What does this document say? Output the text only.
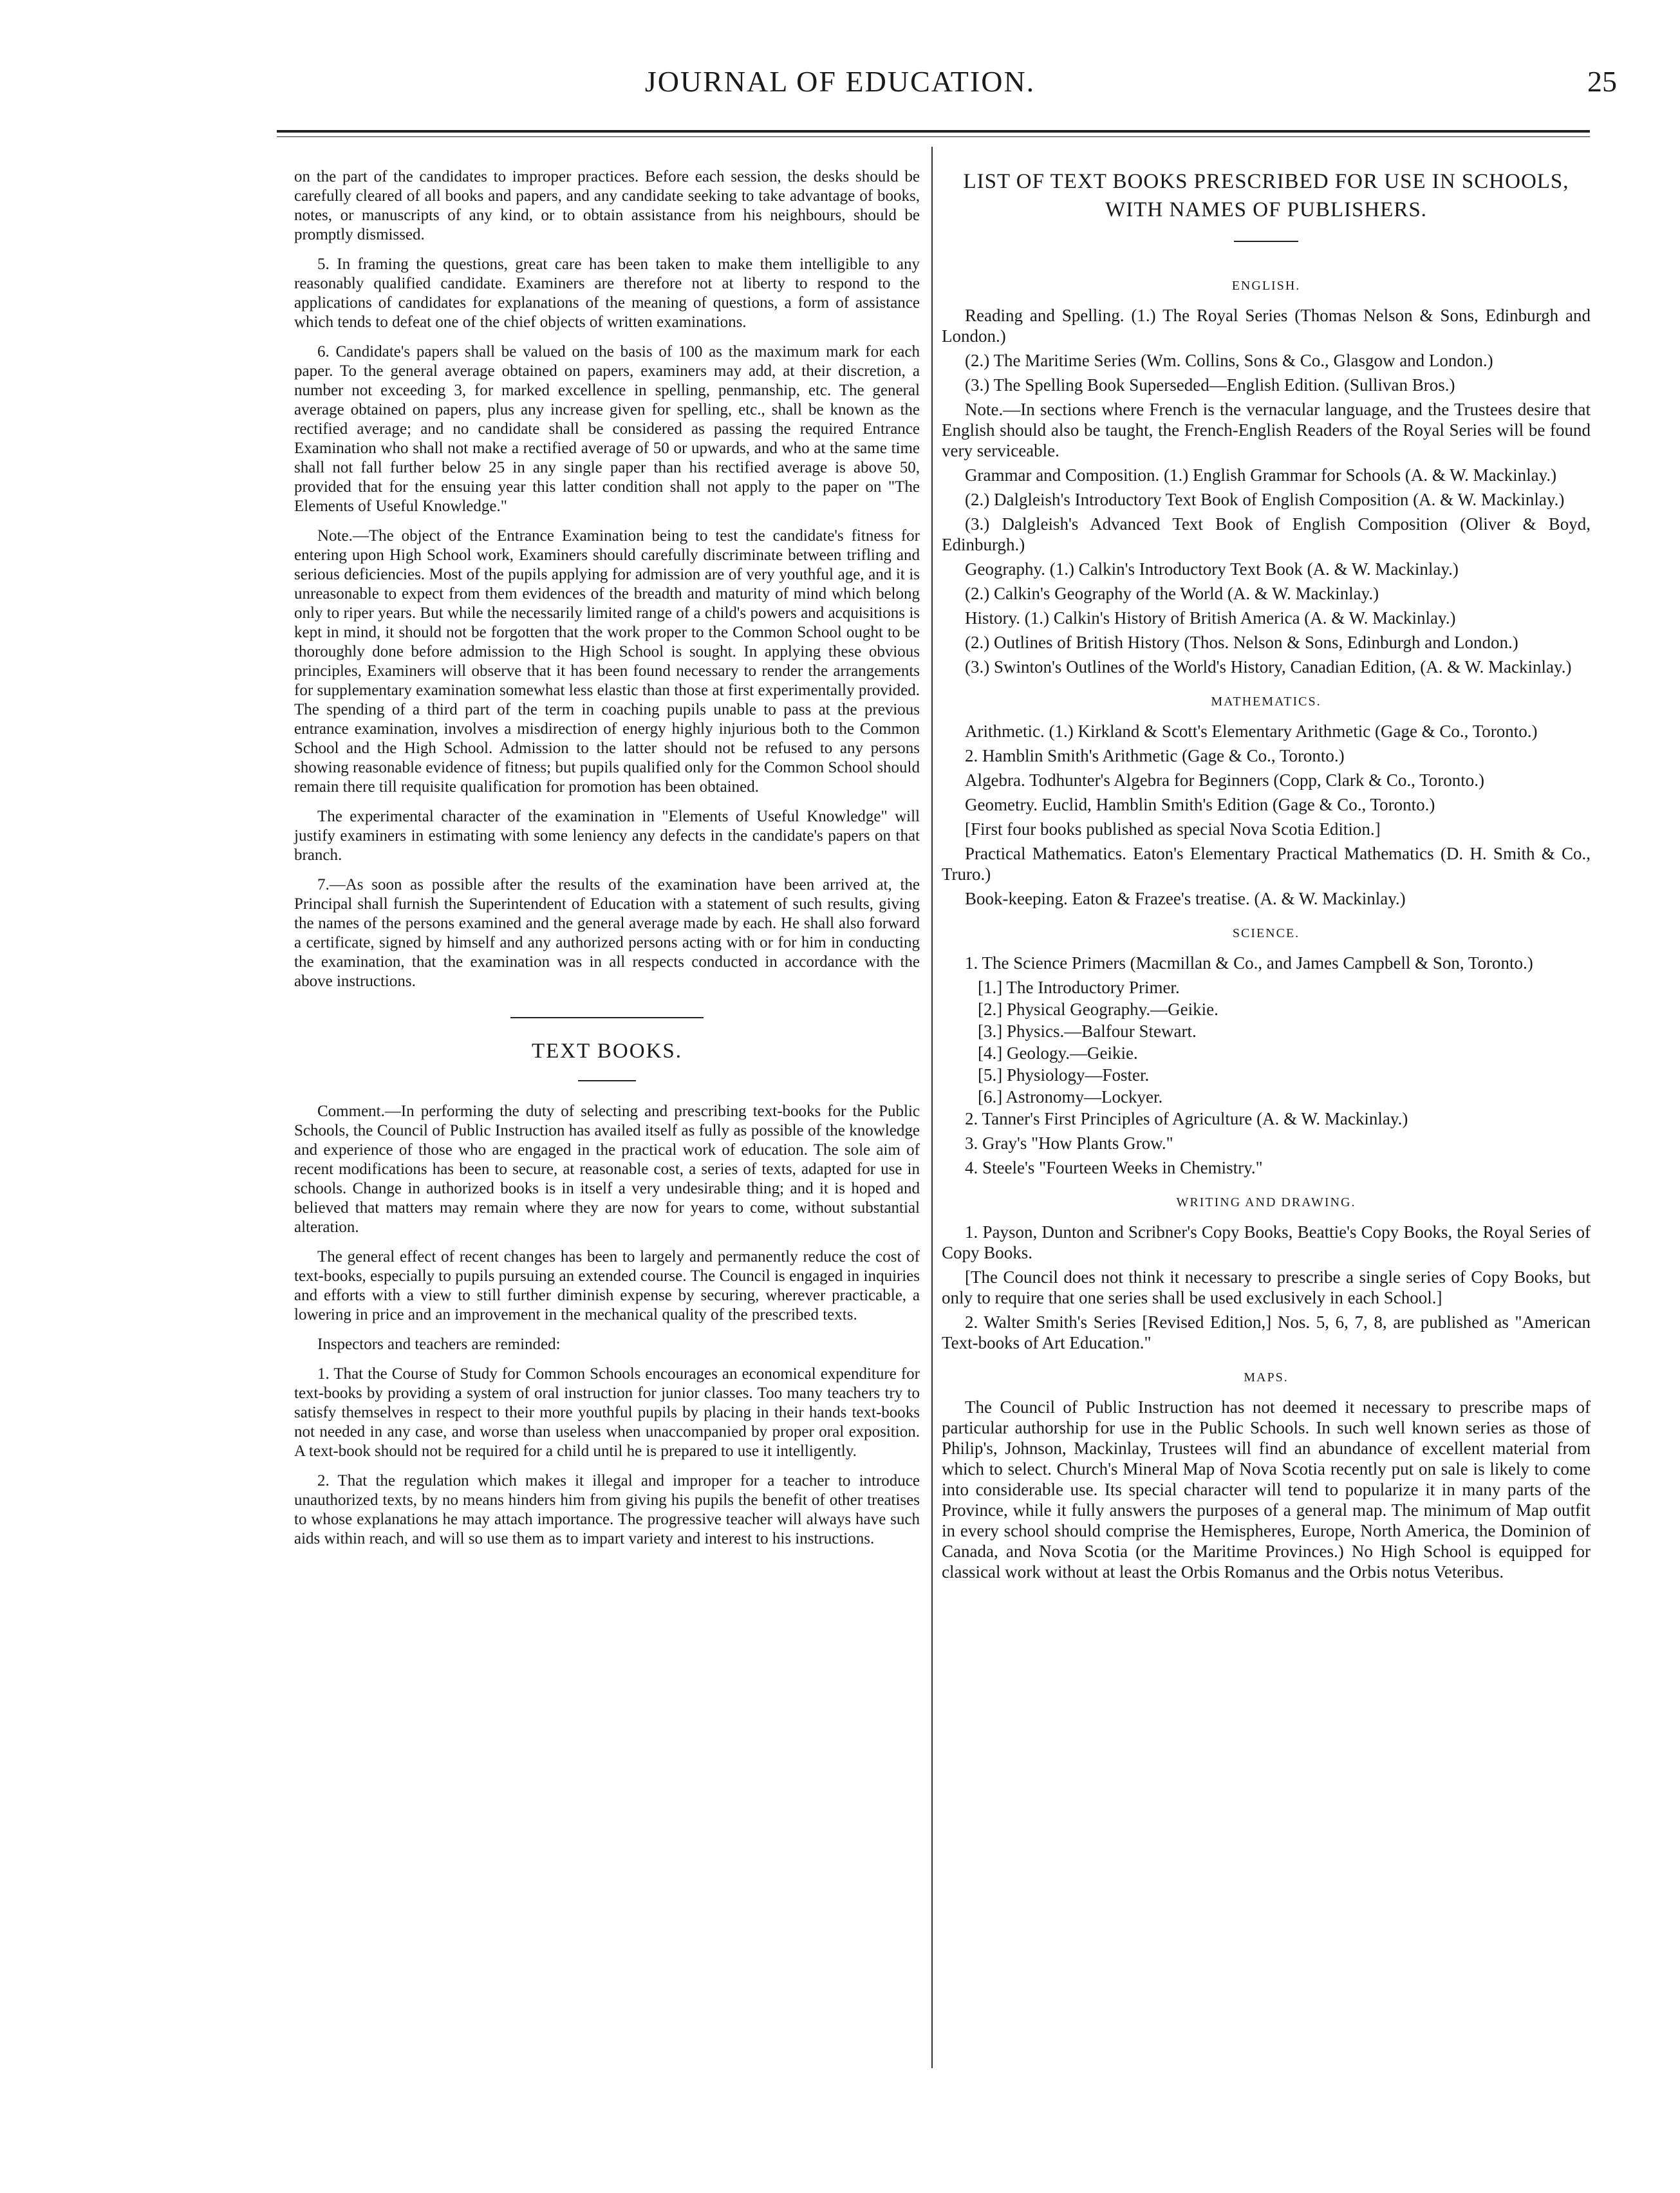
JOURNAL OF EDUCATION.	25

on the part of the candidates to improper practices. Before each session, the desks should be carefully cleared of all books and papers, and any candidate seeking to take advantage of books, notes, or manuscripts of any kind, or to obtain assistance from his neighbours, should be promptly dismissed.

5. In framing the questions, great care has been taken to make them intelligible to any reasonably qualified candidate. Examiners are therefore not at liberty to respond to the applications of candidates for explanations of the meaning of questions, a form of assistance which tends to defeat one of the chief objects of written examinations.

6. Candidate's papers shall be valued on the basis of 100 as the maximum mark for each paper. To the general average obtained on papers, examiners may add, at their discretion, a number not exceeding 3, for marked excellence in spelling, penmanship, etc. The general average obtained on papers, plus any increase given for spelling, etc., shall be known as the rectified average; and no candidate shall be considered as passing the required Entrance Examination who shall not make a rectified average of 50 or upwards, and who at the same time shall not fall further below 25 in any single paper than his rectified average is above 50, provided that for the ensuing year this latter condition shall not apply to the paper on "The Elements of Useful Knowledge."

Note.—The object of the Entrance Examination being to test the candidate's fitness for entering upon High School work, Examiners should carefully discriminate between trifling and serious deficiencies. Most of the pupils applying for admission are of very youthful age, and it is unreasonable to expect from them evidences of the breadth and maturity of mind which belong only to riper years. But while the necessarily limited range of a child's powers and acquisitions is kept in mind, it should not be forgotten that the work proper to the Common School ought to be thoroughly done before admission to the High School is sought. In applying these obvious principles, Examiners will observe that it has been found necessary to render the arrangements for supplementary examination somewhat less elastic than those at first experimentally provided. The spending of a third part of the term in coaching pupils unable to pass at the previous entrance examination, involves a misdirection of energy highly injurious both to the Common School and the High School. Admission to the latter should not be refused to any persons showing reasonable evidence of fitness; but pupils qualified only for the Common School should remain there till requisite qualification for promotion has been obtained.

The experimental character of the examination in "Elements of Useful Knowledge" will justify examiners in estimating with some leniency any defects in the candidate's papers on that branch.

7.—As soon as possible after the results of the examination have been arrived at, the Principal shall furnish the Superintendent of Education with a statement of such results, giving the names of the persons examined and the general average made by each. He shall also forward a certificate, signed by himself and any authorized persons acting with or for him in conducting the examination, that the examination was in all respects conducted in accordance with the above instructions.

TEXT BOOKS.

Comment.—In performing the duty of selecting and prescribing text-books for the Public Schools, the Council of Public Instruction has availed itself as fully as possible of the knowledge and experience of those who are engaged in the practical work of education. The sole aim of recent modifications has been to secure, at reasonable cost, a series of texts, adapted for use in schools. Change in authorized books is in itself a very undesirable thing; and it is hoped and believed that matters may remain where they are now for years to come, without substantial alteration.

The general effect of recent changes has been to largely and permanently reduce the cost of text-books, especially to pupils pursuing an extended course. The Council is engaged in inquiries and efforts with a view to still further diminish expense by securing, wherever practicable, a lowering in price and an improvement in the mechanical quality of the prescribed texts.

Inspectors and teachers are reminded:

1. That the Course of Study for Common Schools encourages an economical expenditure for text-books by providing a system of oral instruction for junior classes. Too many teachers try to satisfy themselves in respect to their more youthful pupils by placing in their hands text-books not needed in any case, and worse than useless when unaccompanied by proper oral exposition. A text-book should not be required for a child until he is prepared to use it intelligently.

2. That the regulation which makes it illegal and improper for a teacher to introduce unauthorized texts, by no means hinders him from giving his pupils the benefit of other treatises to whose explanations he may attach importance. The progressive teacher will always have such aids within reach, and will so use them as to impart variety and interest to his instructions.

LIST OF TEXT BOOKS PRESCRIBED FOR USE IN SCHOOLS, WITH NAMES OF PUBLISHERS.
ENGLISH.

Reading and Spelling. (1.) The Royal Series (Thomas Nelson & Sons, Edinburgh and London.)

(2.) The Maritime Series (Wm. Collins, Sons & Co., Glasgow and London.)

(3.) The Spelling Book Superseded—English Edition. (Sullivan Bros.)

Note.—In sections where French is the vernacular language, and the Trustees desire that English should also be taught, the French-English Readers of the Royal Series will be found very serviceable.

Grammar and Composition. (1.) English Grammar for Schools (A. & W. Mackinlay.)

(2.) Dalgleish's Introductory Text Book of English Composition (A. & W. Mackinlay.)

(3.) Dalgleish's Advanced Text Book of English Composition (Oliver & Boyd, Edinburgh.)

Geography. (1.) Calkin's Introductory Text Book (A. & W. Mackinlay.)

(2.) Calkin's Geography of the World (A. & W. Mackinlay.)

History. (1.) Calkin's History of British America (A. & W. Mackinlay.)

(2.) Outlines of British History (Thos. Nelson & Sons, Edinburgh and London.)

(3.) Swinton's Outlines of the World's History, Canadian Edition, (A. & W. Mackinlay.)

MATHEMATICS.

Arithmetic. (1.) Kirkland & Scott's Elementary Arithmetic (Gage & Co., Toronto.)

2. Hamblin Smith's Arithmetic (Gage & Co., Toronto.)

Algebra. Todhunter's Algebra for Beginners (Copp, Clark & Co., Toronto.)

Geometry. Euclid, Hamblin Smith's Edition (Gage & Co., Toronto.)

[First four books published as special Nova Scotia Edition.]

Practical Mathematics. Eaton's Elementary Practical Mathematics (D. H. Smith & Co., Truro.)

Book-keeping. Eaton & Frazee's treatise. (A. & W. Mackinlay.)

SCIENCE.

1. The Science Primers (Macmillan & Co., and James Campbell & Son, Toronto.)

[1.] The Introductory Primer.

[2.] Physical Geography.—Geikie.

[3.] Physics.—Balfour Stewart.

[4.] Geology.—Geikie.

[5.] Physiology—Foster.

[6.] Astronomy—Lockyer.

2. Tanner's First Principles of Agriculture (A. & W. Mackinlay.)

3. Gray's "How Plants Grow."

4. Steele's "Fourteen Weeks in Chemistry."

WRITING AND DRAWING.

1. Payson, Dunton and Scribner's Copy Books, Beattie's Copy Books, the Royal Series of Copy Books.

[The Council does not think it necessary to prescribe a single series of Copy Books, but only to require that one series shall be used exclusively in each School.]

2. Walter Smith's Series [Revised Edition,] Nos. 5, 6, 7, 8, are published as "American Text-books of Art Education."

MAPS.

The Council of Public Instruction has not deemed it necessary to prescribe maps of particular authorship for use in the Public Schools. In such well known series as those of Philip's, Johnson, Mackinlay, Trustees will find an abundance of excellent material from which to select. Church's Mineral Map of Nova Scotia recently put on sale is likely to come into considerable use. Its special character will tend to popularize it in many parts of the Province, while it fully answers the purposes of a general map. The minimum of Map outfit in every school should comprise the Hemispheres, Europe, North America, the Dominion of Canada, and Nova Scotia (or the Maritime Provinces.) No High School is equipped for classical work without at least the Orbis Romanus and the Orbis notus Veteribus.
